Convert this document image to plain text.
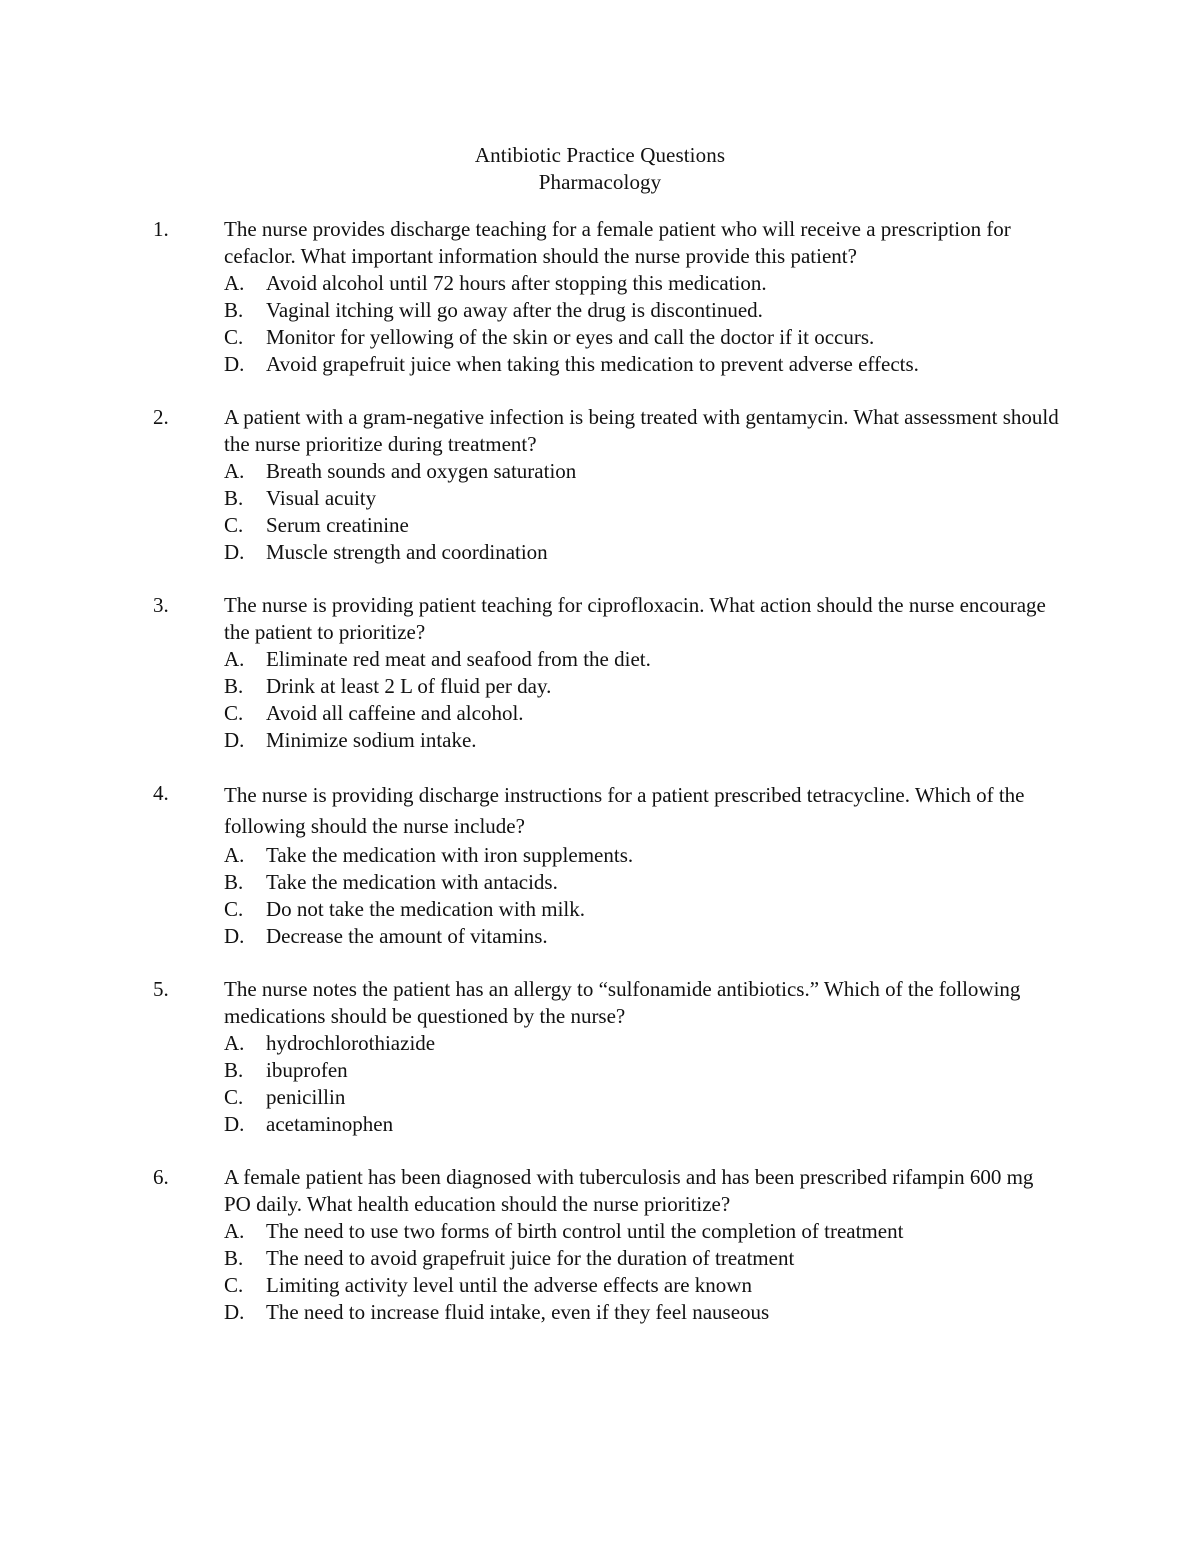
Antibiotic Practice Questions
Pharmacology
1.	The nurse provides discharge teaching for a female patient who will receive a prescription for cefaclor. What important information should the nurse provide this patient?
A. Avoid alcohol until 72 hours after stopping this medication.
B. Vaginal itching will go away after the drug is discontinued.
C. Monitor for yellowing of the skin or eyes and call the doctor if it occurs.
D. Avoid grapefruit juice when taking this medication to prevent adverse effects.
2.	A patient with a gram-negative infection is being treated with gentamycin. What assessment should the nurse prioritize during treatment?
A. Breath sounds and oxygen saturation
B. Visual acuity
C. Serum creatinine
D. Muscle strength and coordination
3.	The nurse is providing patient teaching for ciprofloxacin. What action should the nurse encourage the patient to prioritize?
A. Eliminate red meat and seafood from the diet.
B. Drink at least 2 L of fluid per day.
C. Avoid all caffeine and alcohol.
D. Minimize sodium intake.
4.	The nurse is providing discharge instructions for a patient prescribed tetracycline. Which of the following should the nurse include?
A. Take the medication with iron supplements.
B. Take the medication with antacids.
C. Do not take the medication with milk.
D. Decrease the amount of vitamins.
5.	The nurse notes the patient has an allergy to “sulfonamide antibiotics.” Which of the following medications should be questioned by the nurse?
A. hydrochlorothiazide
B. ibuprofen
C. penicillin
D. acetaminophen
6.	A female patient has been diagnosed with tuberculosis and has been prescribed rifampin 600 mg PO daily. What health education should the nurse prioritize?
A. The need to use two forms of birth control until the completion of treatment
B. The need to avoid grapefruit juice for the duration of treatment
C. Limiting activity level until the adverse effects are known
D. The need to increase fluid intake, even if they feel nauseous
